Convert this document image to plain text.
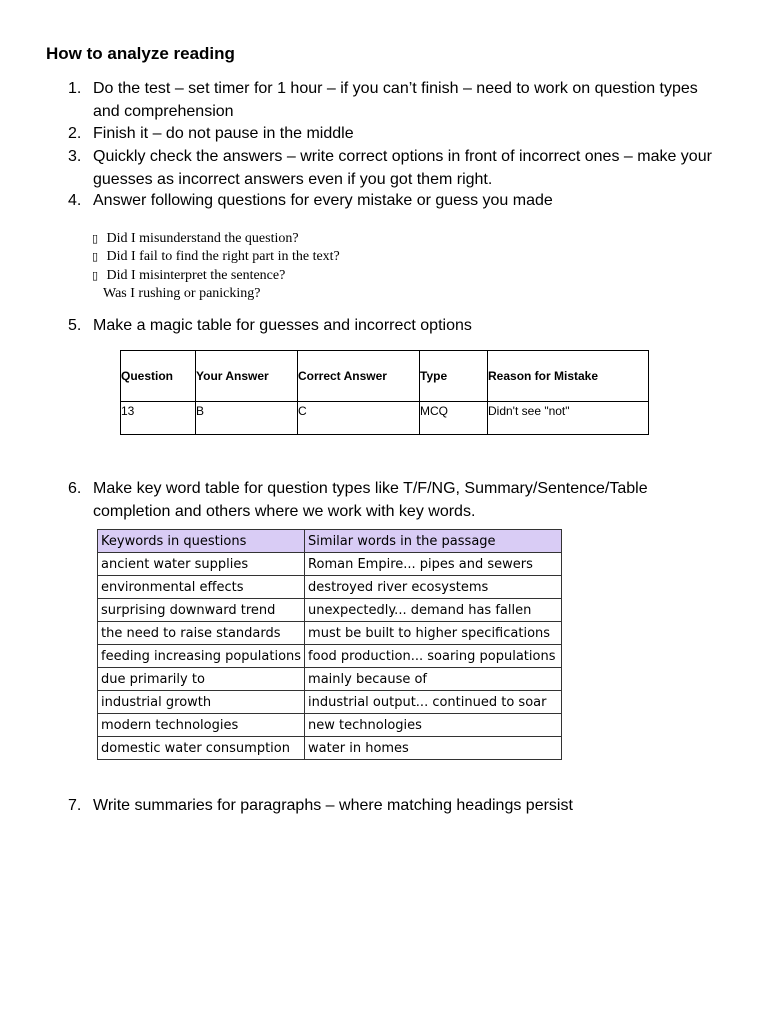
How to analyze reading
1. Do the test – set timer for 1 hour – if you can’t finish – need to work on question types and comprehension
2. Finish it – do not pause in the middle
3. Quickly check the answers – write correct options in front of incorrect ones – make your guesses as incorrect answers even if you got them right.
4. Answer following questions for every mistake or guess you made
▯ Did I misunderstand the question?
▯ Did I fail to find the right part in the text?
▯ Did I misinterpret the sentence?
Was I rushing or panicking?
5. Make a magic table for guesses and incorrect options
Question	Your Answer	Correct Answer	Type	Reason for Mistake
13	B	C	MCQ	Didn't see "not"
6. Make key word table for question types like T/F/NG, Summary/Sentence/Table completion and others where we work with key words.
Keywords in questions	Similar words in the passage
ancient water supplies	Roman Empire... pipes and sewers
environmental effects	destroyed river ecosystems
surprising downward trend	unexpectedly... demand has fallen
the need to raise standards	must be built to higher specifications
feeding increasing populations	food production... soaring populations
due primarily to	mainly because of
industrial growth	industrial output... continued to soar
modern technologies	new technologies
domestic water consumption	water in homes
7. Write summaries for paragraphs – where matching headings persist
